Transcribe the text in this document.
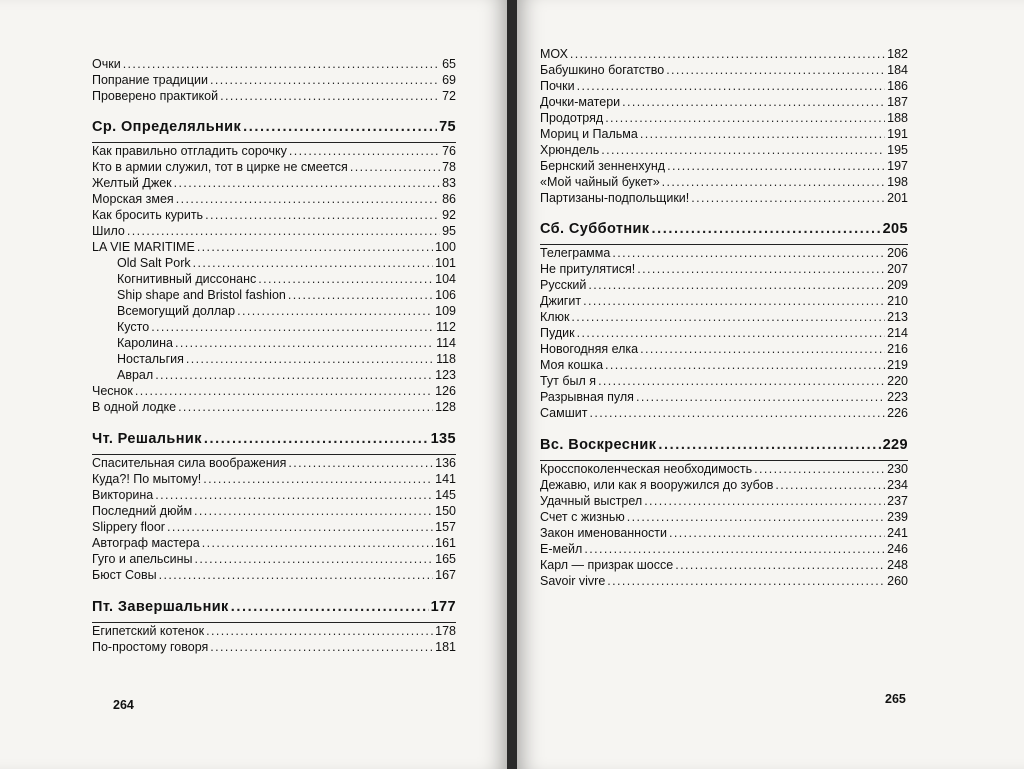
Очки .....	65
Попрание традиции .....	69
Проверено практикой .....	72
Ср. Определяльник .....	75
Как правильно отгладить сорочку .....	76
Кто в армии служил, тот в цирке не смеется .....	78
Желтый Джек .....	83
Морская змея .....	86
Как бросить курить .....	92
Шило .....	95
LA VIE MARITIME .....	100
Old Salt Pork .....	101
Когнитивный диссонанс .....	104
Ship shape and Bristol fashion .....	106
Всемогущий доллар .....	109
Кусто .....	112
Каролина .....	114
Ностальгия .....	118
Аврал .....	123
Чеснок .....	126
В одной лодке .....	128
Чт. Решальник .....	135
Спасительная сила воображения .....	136
Куда?! По мытому! .....	141
Викторина .....	145
Последний дюйм .....	150
Slippery floor .....	157
Автограф мастера .....	161
Гуго и апельсины .....	165
Бюст Совы .....	167
Пт. Завершальник .....	177
Египетский котенок .....	178
По-простому говоря .....	181
МОХ .....	182
Бабушкино богатство .....	184
Почки .....	186
Дочки-матери .....	187
Продотряд .....	188
Мориц и Пальма .....	191
Хрюндель .....	195
Бернский зенненхунд .....	197
«Мой чайный букет» .....	198
Партизаны-подпольщики! .....	201
Сб. Субботник .....	205
Телеграмма .....	206
Не притулятися! .....	207
Русский .....	209
Джигит .....	210
Клюк .....	213
Пудик .....	214
Новогодняя елка .....	216
Моя кошка .....	219
Тут был я .....	220
Разрывная пуля .....	223
Самшит .....	226
Вс. Воскресник .....	229
Кросспоколенческая необходимость .....	230
Дежавю, или как я вооружился до зубов .....	234
Удачный выстрел .....	237
Счет с жизнью .....	239
Закон именованности .....	241
Е-мейл .....	246
Карл — призрак шоссе .....	248
Savoir vivre .....	260
264	265
